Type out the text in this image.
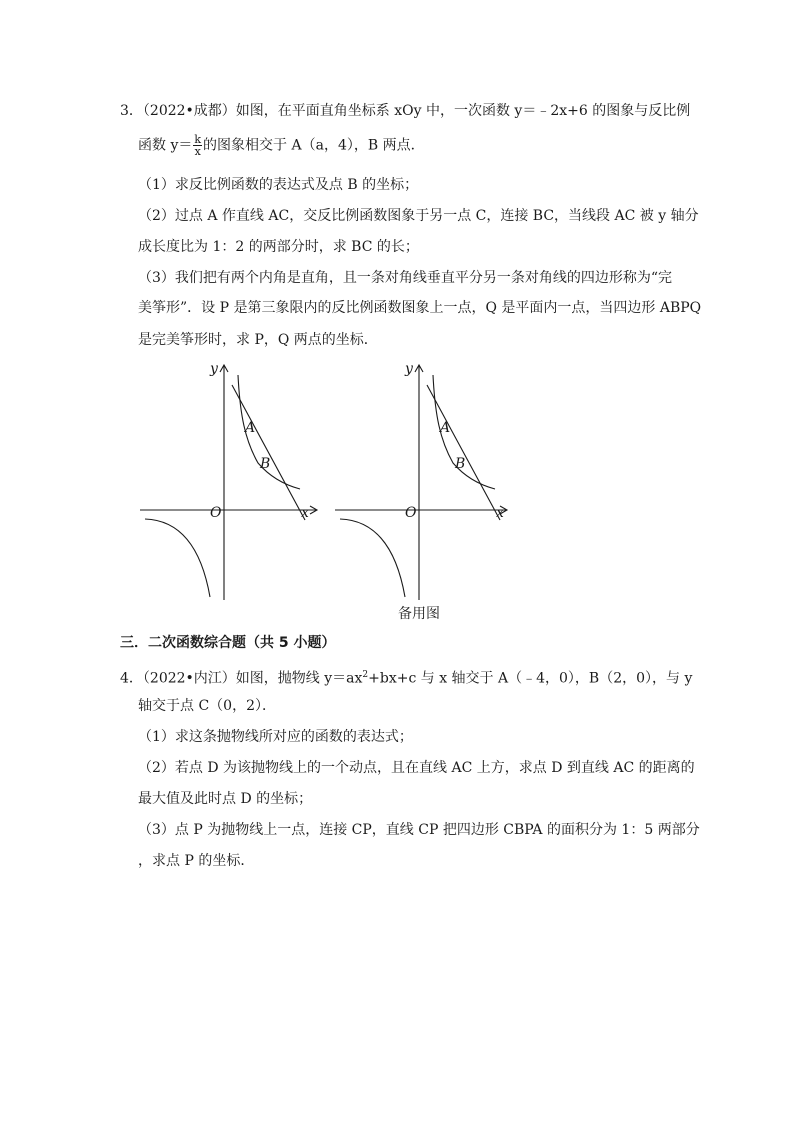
3．（2022•成都）如图，在平面直角坐标系 xOy 中，一次函数 y＝﹣2x+6 的图象与反比例
函数 $y= \frac{k}{x}$ 的图象相交于 A（a，4），B 两点．
（1）求反比例函数的表达式及点 B 的坐标；
（2）过点 A 作直线 AC，交反比例函数图象于另一点 C，连接 BC，当线段 AC 被 y 轴分
成长度比为 1：2 的两部分时，求 BC 的长；
（3）我们把有两个内角是直角，且一条对角线垂直平分另一条对角线的四边形称为“完
美筝形”．设 P 是第三象限内的反比例函数图象上一点，Q 是平面内一点，当四边形 ABPQ
是完美筝形时，求 P，Q 两点的坐标．
y
x
O
A
B
y
x
O
A
B
备用图
三．二次函数综合题（共 5 小题）
4．（2022•内江）如图，抛物线 $y=ax^2+bx+c$ 与 x 轴交于 A（﹣4，0），B（2，0），与 y
轴交于点 C（0，2）．
（1）求这条抛物线所对应的函数的表达式；
（2）若点 D 为该抛物线上的一个动点，且在直线 AC 上方，求点 D 到直线 AC 的距离的
最大值及此时点 D 的坐标；
（3）点 P 为抛物线上一点，连接 CP，直线 CP 把四边形 CBPA 的面积分为 1：5 两部分
，求点 P 的坐标．
